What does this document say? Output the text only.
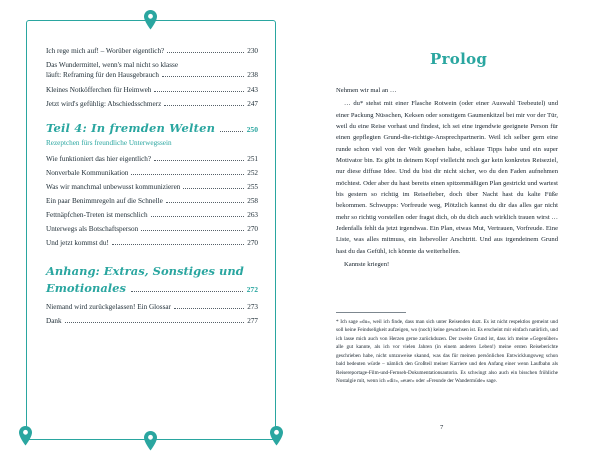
Ich rege mich auf! – Worüber eigentlich?	230
Das Wundermittel, wenn's mal nicht so klasse
läuft: Reframing für den Hausgebrauch	238
Kleines Notköfferchen für Heimweh	243
Jetzt wird's gefühlig: Abschiedsschmerz	247
Teil 4: In fremden Welten	250
Rezeptchen fürs freundliche Unterwegssein
Wie funktioniert das hier eigentlich?	251
Nonverbale Kommunikation	252
Was wir manchmal unbewusst kommunizieren	255
Ein paar Benimmregeln auf die Schnelle	258
Fettnäpfchen-Treten ist menschlich	263
Unterwegs als Botschaftsperson	270
Und jetzt kommst du!	270
Anhang: Extras, Sonstiges und
Emotionales	272
Niemand wird zurückgelassen! Ein Glossar	273
Dank	277
Prolog

Nehmen wir mal an …

… du* stehst mit einer Flasche Rotwein (oder einer Auswahl Teebeutel) und einer Packung Nüsschen, Keksen oder sonstigem Gaumenkitzel bei mir vor der Tür, weil du eine Reise vorhast und findest, ich sei eine irgendwie geeignete Person für einen gepflegten Grund-die-richtige-Ansprechpartnerin. Weil ich selber gern eine runde schon viel von der Welt gesehen habe, schlaue Tipps habe und ein super Motivator bin. Es gibt in deinem Kopf vielleicht noch gar kein konkretes Reiseziel, nur diese diffuse Idee. Und du bist dir nicht sicher, wo du den Faden aufnehmen möchtest. Oder aber du hast bereits einen spitzenmäßigen Plan gestrickt und wartest bis gestern so richtig im Reisefieber, doch über Nacht hast du kalte Füße bekommen. Schwupps: Vorfreude weg, Plötzlich kannst du dir das alles gar nicht mehr so richtig vorstellen oder fragst dich, ob du dich auch wirklich trauen wirst … Jedenfalls fehlt da jetzt irgendwas. Ein Plan, etwas Mut, Vertrauen, Vorfreude. Eine Liste, was alles mitmuss, ein liebevoller Arschtritt. Und aus irgendeinem Grund hast du das Gefühl, ich könnte da weiterhelfen.

Kannste kriegen!

* Ich sage »du«, weil ich finde, dass man sich unter Reisenden duzt. Es ist nicht respektlos gemeint und soll keine Feindseligkeit aufzeigen, wo (noch) keine gewachsen ist. Es erscheint mir einfach natürlich, und ich lasse mich auch von Herzen gerne zurückduzen. Der zweite Grund ist, dass ich meine »Gegenüber« alle gut kannte, als ich vor vielen Jahren (in einem anderen Leben!) meine ersten Reiseberichte geschrieben habe, nicht umzuweise skannd, was das für meinen persönlichen Entwicklungsweg schon bald bedeuten würde – nämlich den Großteil meiner Karriere und den Anfang einer wenn Laufbahn als Reisereportage-Film-und-Fernseh-Dokumentationsautorin. Es schwingt also auch ein bisschen fröhliche Nostalgie mit, wenn ich »dir«, »euer« oder »Freunde der Wandermüde« sage.
7
